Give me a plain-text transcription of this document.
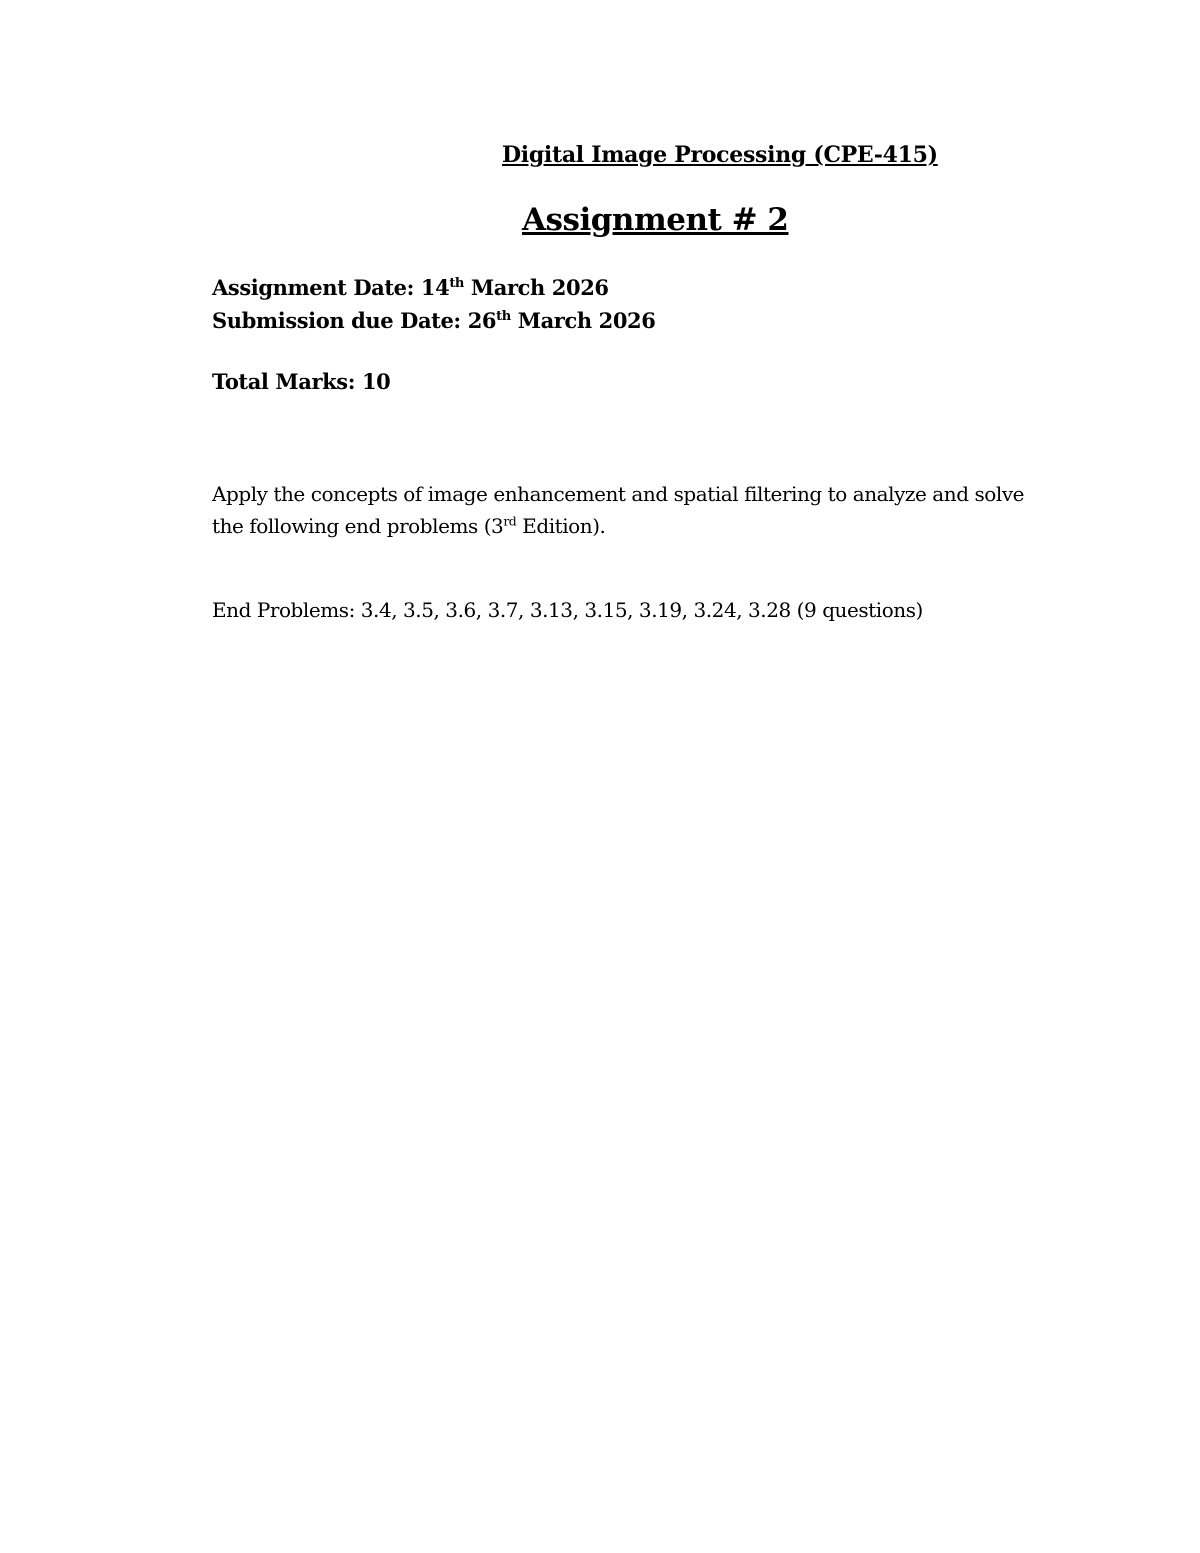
Digital Image Processing (CPE-415)
Assignment # 2
Assignment Date: 14th March 2026
Submission due Date: 26th March 2026
Total Marks: 10
Apply the concepts of image enhancement and spatial filtering to analyze and solve
the following end problems (3rd Edition).
End Problems: 3.4, 3.5, 3.6, 3.7, 3.13, 3.15, 3.19, 3.24, 3.28 (9 questions)
